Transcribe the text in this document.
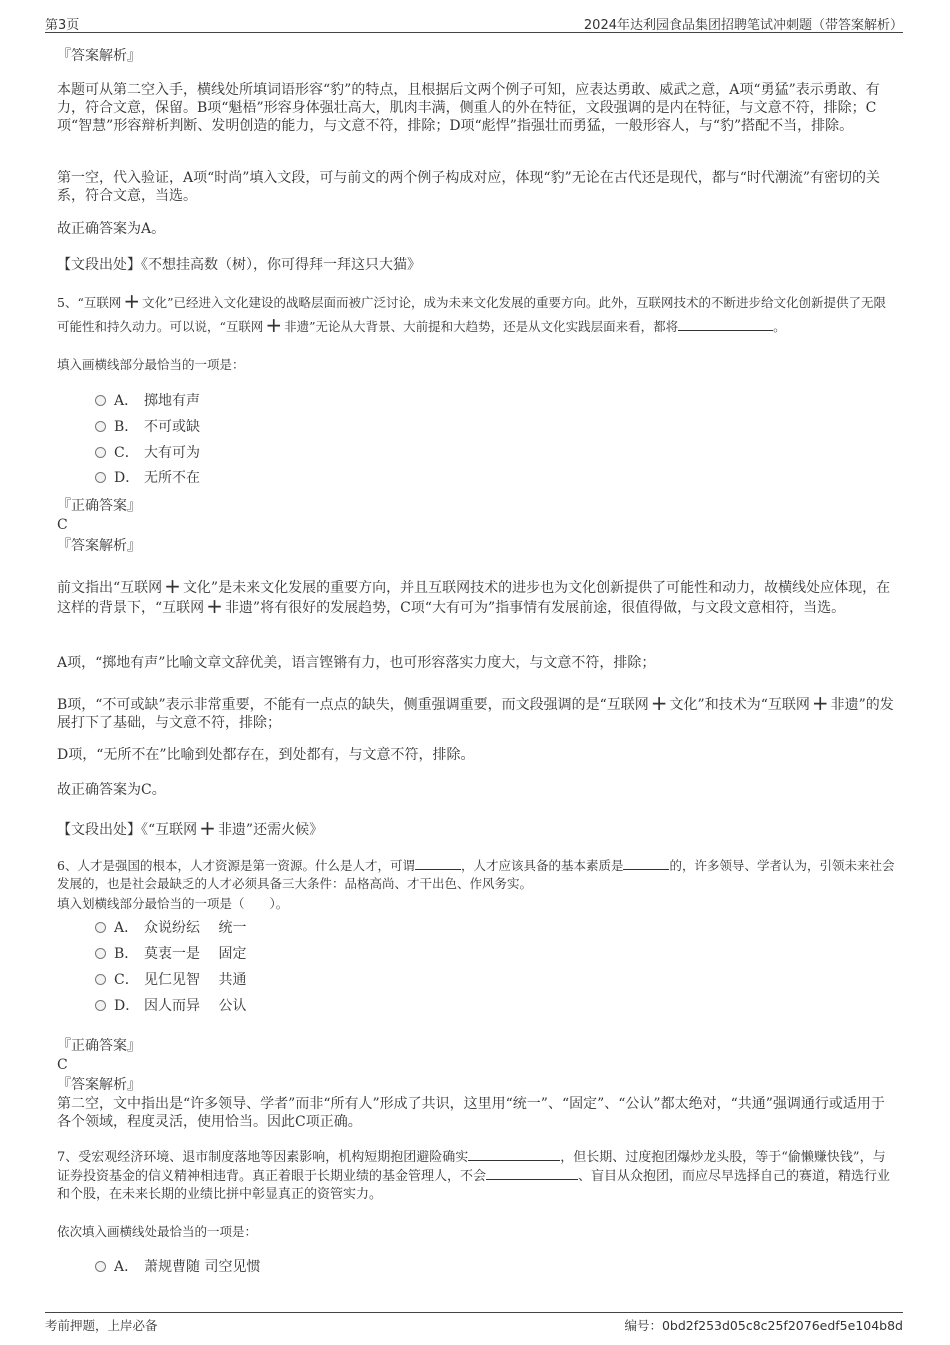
第3页	2024年达利园食品集团招聘笔试冲刺题（带答案解析）
『答案解析』
本题可从第二空入手，横线处所填词语形容“豹”的特点，且根据后文两个例子可知，应表达勇敢、威武之意，A项“勇猛”表示勇敢、有力，符合文意，保留。B项“魁梧”形容身体强壮高大，肌肉丰满，侧重人的外在特征，文段强调的是内在特征，与文意不符，排除；C项“智慧”形容辩析判断、发明创造的能力，与文意不符，排除；D项“彪悍”指强壮而勇猛，一般形容人，与“豹”搭配不当，排除。
第一空，代入验证，A项“时尚”填入文段，可与前文的两个例子构成对应，体现“豹”无论在古代还是现代，都与“时代潮流”有密切的关系，符合文意，当选。
故正确答案为A。
【文段出处】《不想挂高数（树），你可得拜一拜这只大猫》
5、“互联网 + 文化”已经进入文化建设的战略层面而被广泛讨论，成为未来文化发展的重要方向。此外，互联网技术的不断进步给文化创新提供了无限可能性和持久动力。可以说，“互联网 + 非遗”无论从大背景、大前提和大趋势，还是从文化实践层面来看，都将	。
填入画横线部分最恰当的一项是：
A． 掷地有声
B． 不可或缺
C． 大有可为
D． 无所不在
『正确答案』
C
『答案解析』
前文指出“互联网 + 文化”是未来文化发展的重要方向，并且互联网技术的进步也为文化创新提供了可能性和动力，故横线处应体现，在这样的背景下，“互联网 + 非遗”将有很好的发展趋势，C项“大有可为”指事情有发展前途，很值得做，与文段文意相符，当选。
A项，“掷地有声”比喻文章文辞优美，语言铿锵有力，也可形容落实力度大，与文意不符，排除；
B项，“不可或缺”表示非常重要，不能有一点点的缺失，侧重强调重要，而文段强调的是“互联网 + 文化”和技术为“互联网 + 非遗”的发展打下了基础，与文意不符，排除；
D项，“无所不在”比喻到处都存在，到处都有，与文意不符，排除。
故正确答案为C。
【文段出处】《“互联网 + 非遗”还需火候》
6、人才是强国的根本，人才资源是第一资源。什么是人才，可谓	，人才应该具备的基本素质是	的，许多领导、学者认为，引领未来社会发展的，也是社会最缺乏的人才必须具备三大条件：品格高尚、才干出色、作风务实。
填入划横线部分最恰当的一项是（　　）。
A． 众说纷纭　 统一
B． 莫衷一是　 固定
C． 见仁见智　 共通
D． 因人而异　 公认
『正确答案』
C
『答案解析』
第二空，文中指出是“许多领导、学者”而非“所有人”形成了共识，这里用“统一”、“固定”、“公认”都太绝对，“共通”强调通行或适用于各个领域，程度灵活，使用恰当。因此C项正确。
7、受宏观经济环境、退市制度落地等因素影响，机构短期抱团避险确实	，但长期、过度抱团爆炒龙头股，等于“偷懒赚快钱”，与证券投资基金的信义精神相违背。真正着眼于长期业绩的基金管理人，不会	、盲目从众抱团，而应尽早选择自己的赛道，精选行业和个股，在未来长期的业绩比拼中彰显真正的资管实力。
依次填入画横线处最恰当的一项是：
A． 萧规曹随 司空见惯
考前押题，上岸必备	编号：0bd2f253d05c8c25f2076edf5e104b8d
